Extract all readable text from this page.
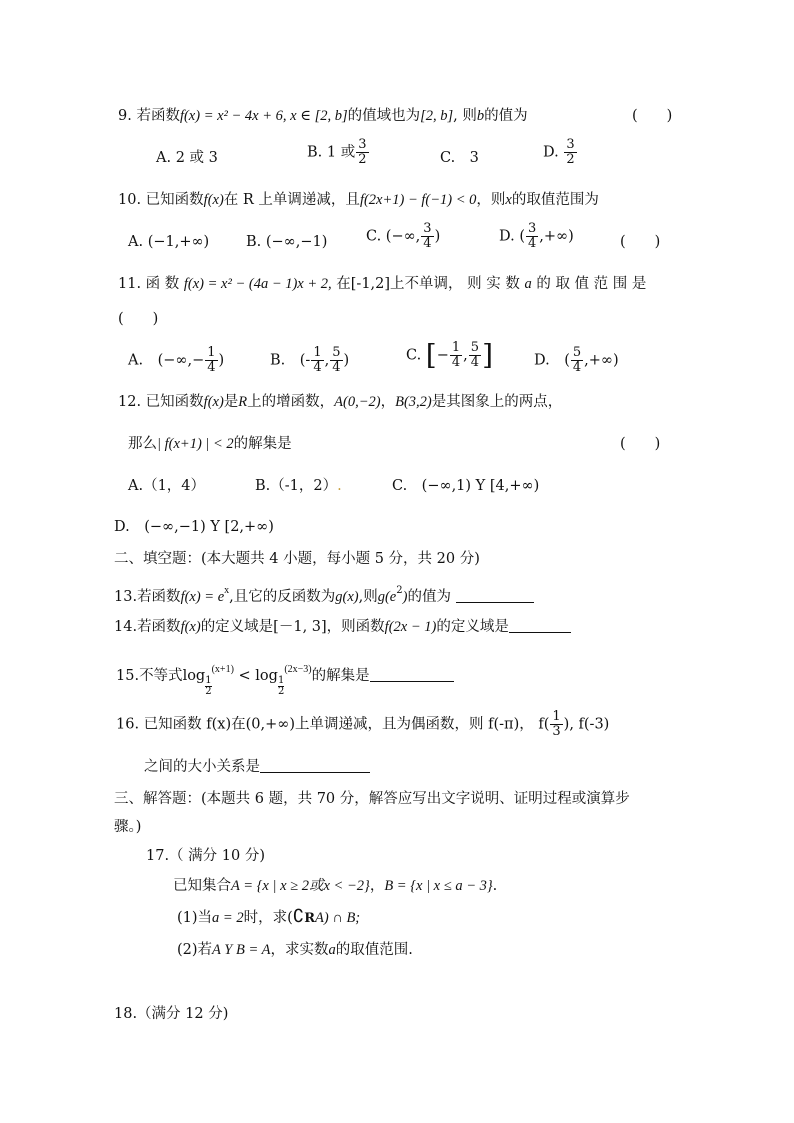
9. 若函数f(x) = x² − 4x + 6, x ∈ [2, b]的值域也为[2, b], 则b的值为	(　　)
A. 2 或 3	B. 1 或 $\frac{3}{2}$	C.　3	D. $\frac{3}{2}$
10. 已知函数f(x)在 R 上单调递减，且f(2x+1) − f(−1) < 0，则x的取值范围为
A. (−1,+∞)	B. (−∞,−1)	C. (−∞, $\frac{3}{4}$ )	D. ( $\frac{3}{4}$ ,+∞)	(　　)
11. 函 数 f(x) = x² − (4a − 1)x + 2, 在[-1,2]上不单调， 则 实 数 a 的 取 值 范 围 是
(　　)
A.　(−∞,− $\frac{1}{4}$ )	B.　(- $\frac{1}{4}$ , $\frac{5}{4}$ )	C. [− $\frac{1}{4}$ , $\frac{5}{4}$ ]	D.　( $\frac{5}{4}$ ,+∞)
12. 已知函数f(x)是R上的增函数，A(0,−2)，B(3,2)是其图象上的两点，
那么| f(x+1) | < 2的解集是	(　　)
A.（1，4）	B.（-1，2）.	C.　(−∞,1) Y [4,+∞)
D.　(−∞,−1) Y [2,+∞)
二、填空题：(本大题共 4 小题，每小题 5 分，共 20 分)
13.若函数$f(x) = e^x$,且它的反函数为g(x),则$g(e^2)$的值为
14.若函数f(x)的定义域是[－1, 3]，则函数f(2x − 1)的定义域是
15.不等式$\log \frac{1}{2}^{(x+1)} < \log \frac{1}{2}^{(2x-3)}$的解集是
16. 已知函数 f(x)在(0,+∞)上单调递减，且为偶函数，则 f(-π)， $f( \frac{1}{3}$ ), f(-3)
之间的大小关系是
三、解答题：(本题共 6 题，共 70 分，解答应写出文字说明、证明过程或演算步
骤。)
17.（ 满分 10 分)
已知集合A = {x | x ≥ 2或x < −2}，B = {x | x ≤ a − 3}.
(1)当a = 2时，求(∁RA) ∩ B;
(2)若A Y B = A，求实数a的取值范围.
18.（满分 12 分)
